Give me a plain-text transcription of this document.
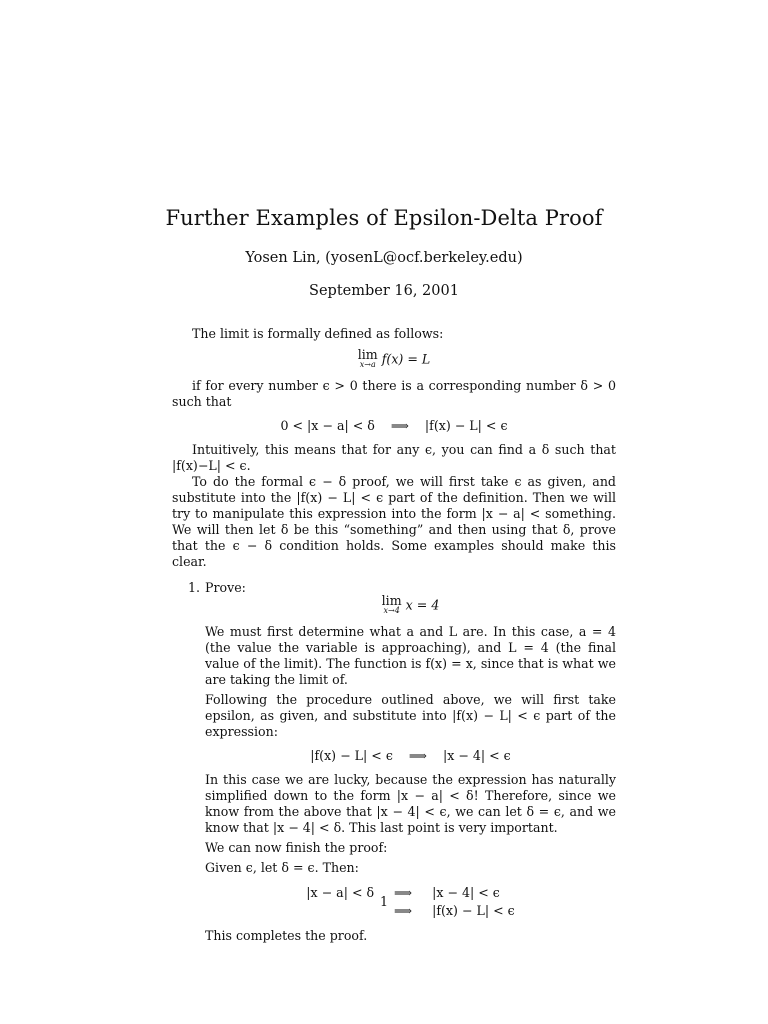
Further Examples of Epsilon-Delta Proof
Yosen Lin, (yosenL@ocf.berkeley.edu)
September 16, 2001

The limit is formally defined as follows:

lim
x→a f(x) = L

if for every number ϵ > 0 there is a corresponding number δ > 0 such that

0 < |x − a| < δ    ⟹    |f(x) − L| < ϵ

Intuitively, this means that for any ϵ, you can find a δ such that |f(x)−L| < ϵ.

To do the formal ϵ − δ proof, we will first take ϵ as given, and substitute into the |f(x) − L| < ϵ part of the definition. Then we will try to manipulate this expression into the form |x − a| < something. We will then let δ be this “something” and then using that δ, prove that the ϵ − δ condition holds. Some examples should make this clear.

1. Prove:

lim
x→4 x = 4

We must first determine what a and L are. In this case, a = 4 (the value the variable is approaching), and L = 4 (the final value of the limit). The function is f(x) = x, since that is what we are taking the limit of.

Following the procedure outlined above, we will first take epsilon, as given, and substitute into |f(x) − L| < ϵ part of the expression:

|f(x) − L| < ϵ    ⟹    |x − 4| < ϵ

In this case we are lucky, because the expression has naturally simplified down to the form |x − a| < δ! Therefore, since we know from the above that |x − 4| < ϵ, we can let δ = ϵ, and we know that |x − 4| < δ. This last point is very important.

We can now finish the proof:

Given ϵ, let δ = ϵ. Then:

|x − a| < δ	⟹	|x − 4| < ϵ
	⟹	|f(x) − L| < ϵ

This completes the proof.

1
